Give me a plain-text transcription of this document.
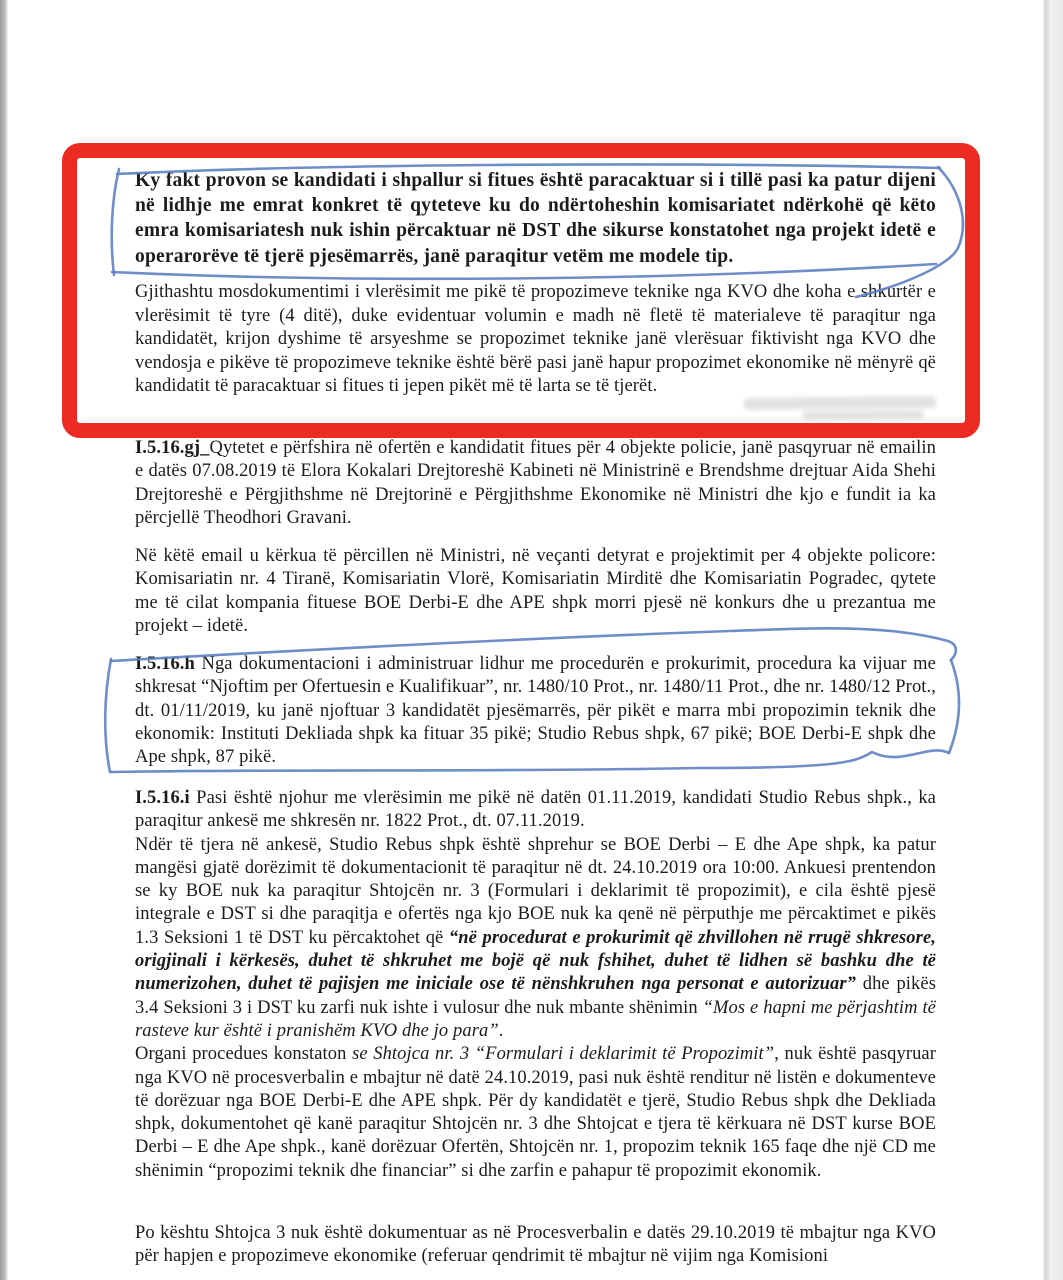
Ky fakt provon se kandidati i shpallur si fitues është paracaktuar si i tillë pasi ka patur dijeni në lidhje me emrat konkret të qyteteve ku do ndërtoheshin komisariatet ndërkohë që këto emra komisariatesh nuk ishin përcaktuar në DST dhe sikurse konstatohet nga projekt idetë e operarorëve të tjerë pjesëmarrës, janë paraqitur vetëm me modele tip.
Gjithashtu mosdokumentimi i vlerësimit me pikë të propozimeve teknike nga KVO dhe koha e shkurtër e vlerësimit të tyre (4 ditë), duke evidentuar volumin e madh në fletë të materialeve të paraqitur nga kandidatët, krijon dyshime të arsyeshme se propozimet teknike janë vlerësuar fiktivisht nga KVO dhe vendosja e pikëve të propozimeve teknike është bërë pasi janë hapur propozimet ekonomike në mënyrë që kandidatit të paracaktuar si fitues ti jepen pikët më të larta se të tjerët.
I.5.16.gj_Qytetet e përfshira në ofertën e kandidatit fitues për 4 objekte policie, janë pasqyruar në emailin e datës 07.08.2019 të Elora Kokalari Drejtoreshë Kabineti në Ministrinë e Brendshme drejtuar Aida Shehi Drejtoreshë e Përgjithshme në Drejtorinë e Përgjithshme Ekonomike në Ministri dhe kjo e fundit ia ka përcjellë Theodhori Gravani.
Në këtë email u kërkua të përcillen në Ministri, në veçanti detyrat e projektimit per 4 objekte policore: Komisariatin nr. 4 Tiranë, Komisariatin Vlorë, Komisariatin Mirditë dhe Komisariatin Pogradec, qytete me të cilat kompania fituese BOE Derbi-E dhe APE shpk morri pjesë në konkurs dhe u prezantua me projekt – idetë.
I.5.16.h Nga dokumentacioni i administruar lidhur me procedurën e prokurimit, procedura ka vijuar me shkresat “Njoftim per Ofertuesin e Kualifikuar”, nr. 1480/10 Prot., nr. 1480/11 Prot., dhe nr. 1480/12 Prot., dt. 01/11/2019, ku janë njoftuar 3 kandidatët pjesëmarrës, për pikët e marra mbi propozimin teknik dhe ekonomik: Instituti Dekliada shpk ka fituar 35 pikë; Studio Rebus shpk, 67 pikë; BOE Derbi-E shpk dhe Ape shpk, 87 pikë.
I.5.16.i Pasi është njohur me vlerësimin me pikë në datën 01.11.2019, kandidati Studio Rebus shpk., ka paraqitur ankesë me shkresën nr. 1822 Prot., dt. 07.11.2019.
Ndër të tjera në ankesë, Studio Rebus shpk është shprehur se BOE Derbi – E dhe Ape shpk, ka patur mangësi gjatë dorëzimit të dokumentacionit të paraqitur në dt. 24.10.2019 ora 10:00. Ankuesi prentendon se ky BOE nuk ka paraqitur Shtojcën nr. 3 (Formulari i deklarimit të propozimit), e cila është pjesë integrale e DST si dhe paraqitja e ofertës nga kjo BOE nuk ka qenë në përputhje me përcaktimet e pikës 1.3 Seksioni 1 të DST ku përcaktohet që “në procedurat e prokurimit që zhvillohen në rrugë shkresore, origjinali i kërkesës, duhet të shkruhet me bojë që nuk fshihet, duhet të lidhen së bashku dhe të numerizohen, duhet të pajisjen me iniciale ose të nënshkruhen nga personat e autorizuar” dhe pikës 3.4 Seksioni 3 i DST ku zarfi nuk ishte i vulosur dhe nuk mbante shënimin “Mos e hapni me përjashtim të rasteve kur është i pranishëm KVO dhe jo para”.
Organi procedues konstaton se Shtojca nr. 3 “Formulari i deklarimit të Propozimit”, nuk është pasqyruar nga KVO në procesverbalin e mbajtur në datë 24.10.2019, pasi nuk është renditur në listën e dokumenteve të dorëzuar nga BOE Derbi-E dhe APE shpk. Për dy kandidatët e tjerë, Studio Rebus shpk dhe Dekliada shpk, dokumentohet që kanë paraqitur Shtojcën nr. 3 dhe Shtojcat e tjera të kërkuara në DST kurse BOE Derbi – E dhe Ape shpk., kanë dorëzuar Ofertën, Shtojcën nr. 1, propozim teknik 165 faqe dhe një CD me shënimin “propozimi teknik dhe financiar” si dhe zarfin e pahapur të propozimit ekonomik.
Po kështu Shtojca 3 nuk është dokumentuar as në Procesverbalin e datës 29.10.2019 të mbajtur nga KVO për hapjen e propozimeve ekonomike (referuar qendrimit të mbajtur në vijim nga Komisioni
